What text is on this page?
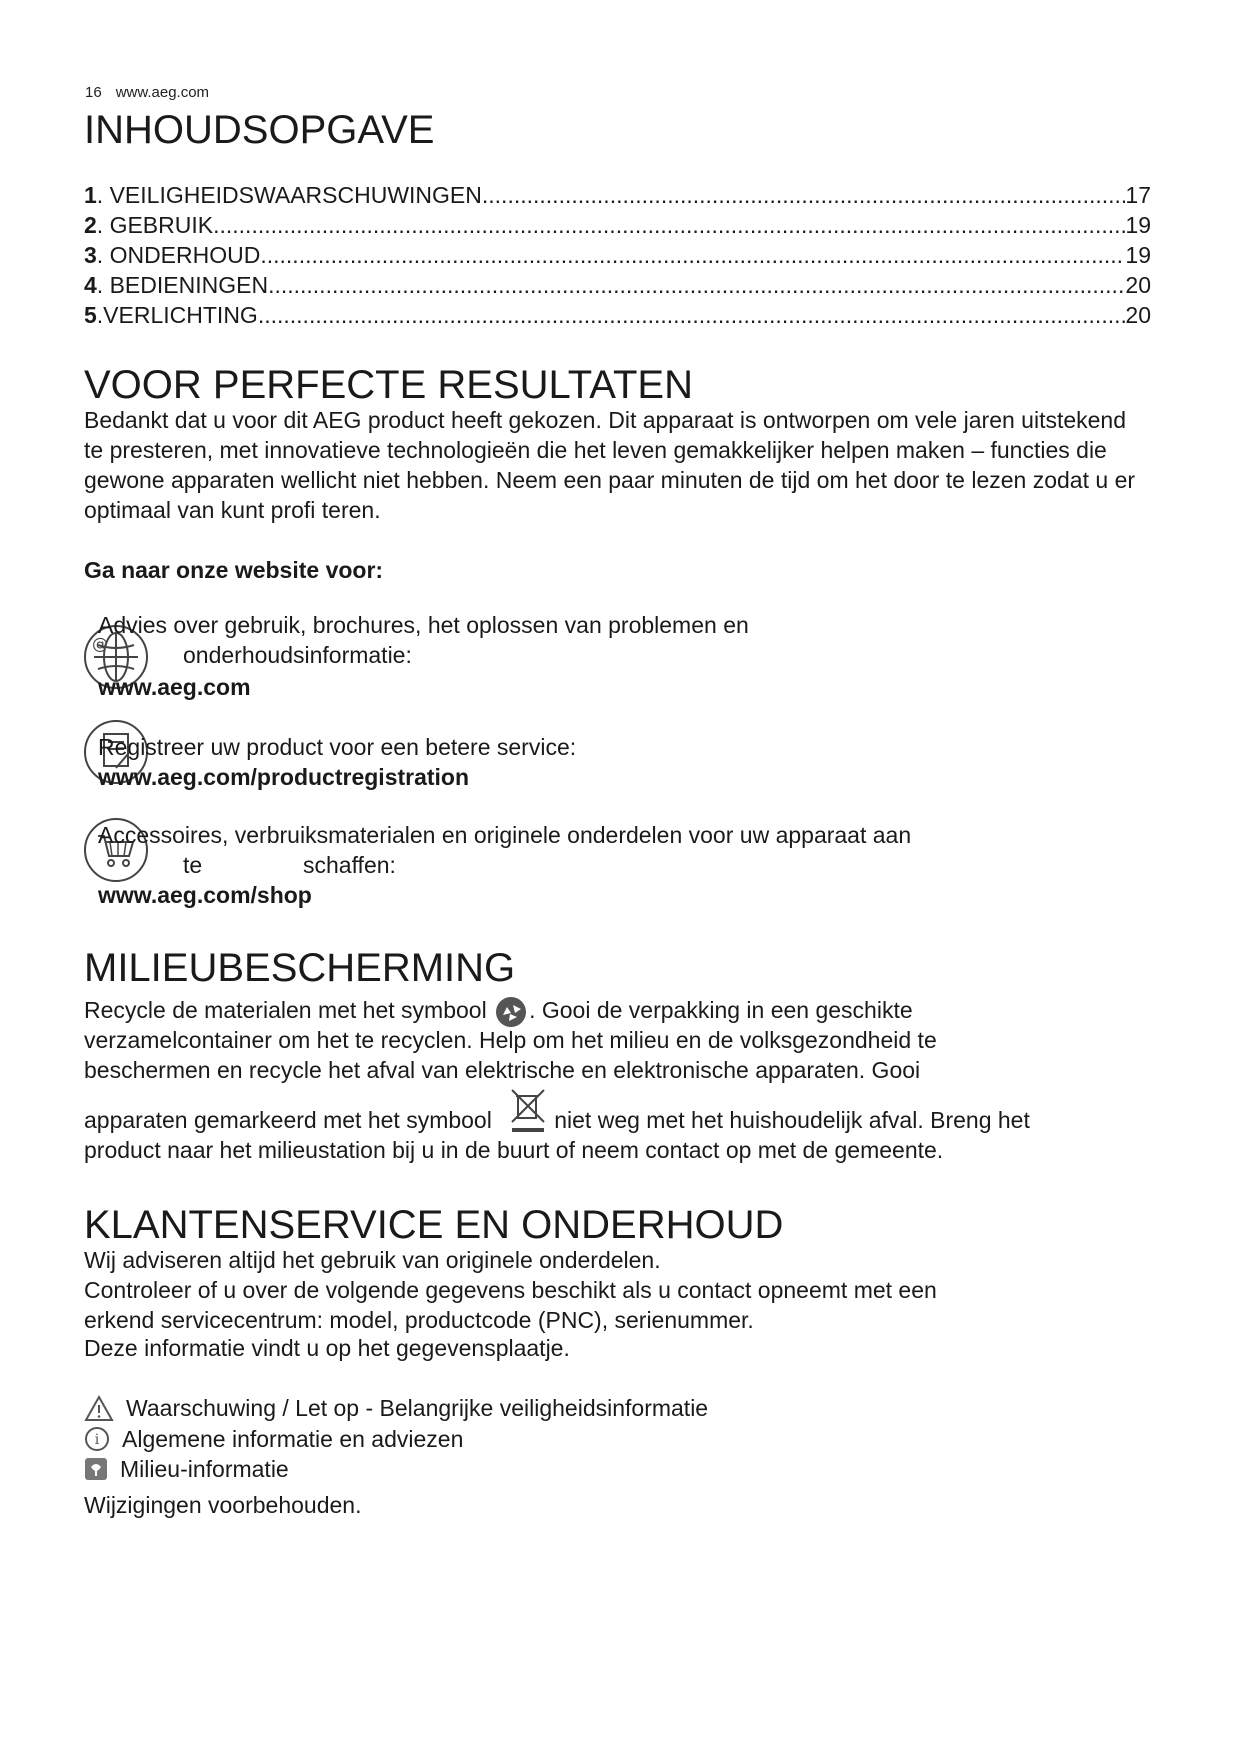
16 www.aeg.com
INHOUDSOPGAVE
1 . VEILIGHEIDSWAARSCHUWINGEN .....	17
2 . GEBRUIK .....	19
3 . ONDERHOUD .....	19
4 . BEDIENINGEN .....	20
5 .VERLICHTING .....	20
VOOR PERFECTE RESULTATEN

Bedankt dat u voor dit AEG product heeft gekozen. Dit apparaat is ontworpen om vele jaren uitstekend te presteren, met innovatieve technologieën die het leven gemakkelijker helpen maken – functies die gewone apparaten wellicht niet hebben. Neem een paar minuten de tijd om het door te lezen zodat u er optimaal van kunt profi teren.

Ga naar onze website voor:
@
Advies over gebruik, brochures, het oplossen van problemen en
onderhoudsinformatie:
www.aeg.com
Registreer uw product voor een betere service:
www.aeg.com/productregistration
Accessoires, verbruiksmaterialen en originele onderdelen voor uw apparaat aan
te	schaffen:
www.aeg.com/shop
MILIEUBESCHERMING
Recycle de materialen met het symbool . Gooi de verpakking in een geschikte
verzamelcontainer om het te recyclen. Help om het milieu en de volksgezondheid te
beschermen en recycle het afval van elektrische en elektronische apparaten. Gooi
apparaten gemarkeerd met het symbool	niet weg met het huishoudelijk afval. Breng het
product naar het milieustation bij u in de buurt of neem contact op met de gemeente.
KLANTENSERVICE EN ONDERHOUD
Wij adviseren altijd het gebruik van originele onderdelen.
Controleer of u over de volgende gegevens beschikt als u contact opneemt met een
erkend servicecentrum: model, productcode (PNC), serienummer.
Deze informatie vindt u op het gegevensplaatje.
Waarschuwing / Let op - Belangrijke veiligheidsinformatie
i Algemene informatie en adviezen
Milieu-informatie
Wijzigingen voorbehouden.
